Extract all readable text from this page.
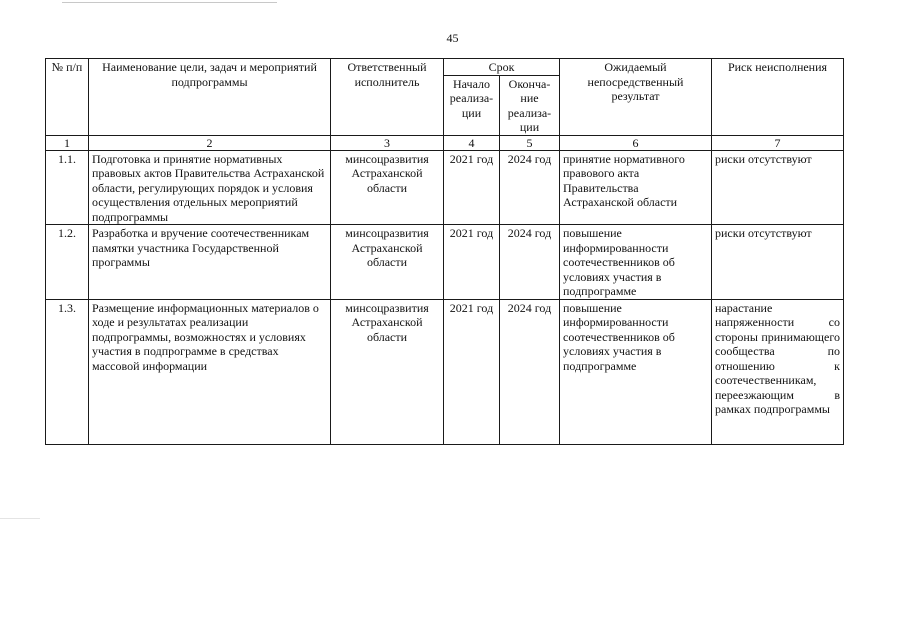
45
№ п/п	Наименование цели, задач и мероприятий подпрограммы	Ответственный исполнитель	Срок		Ожидаемый непосредственный результат	Риск неисполнения
			Начало реализа-ции	Оконча-ние реализа-ции		
1	2	3	4	5	6	7
1.1.	Подготовка и принятие нормативных правовых актов Правительства Астраханской области, регулирующих порядок и условия осуществления отдельных мероприятий подпрограммы	минсоцразвития Астраханской области	2021 год	2024 год	принятие нормативного правового акта Правительства Астраханской области	риски отсутствуют
1.2.	Разработка и вручение соотечественникам памятки участника Государственной программы	минсоцразвития Астраханской области	2021 год	2024 год	повышение информированности соотечественников об условиях участия в подпрограмме	риски отсутствуют
1.3.	Размещение информационных материалов о ходе и результатах реализации подпрограммы, возможностях и условиях участия в подпрограмме в средствах массовой информации	минсоцразвития Астраханской области	2021 год	2024 год	повышение информированности соотечественников об условиях участия в подпрограмме	нарастание напряженности со стороны принимающего сообщества по отношению к соотечественникам, переезжающим в рамках подпрограммы
